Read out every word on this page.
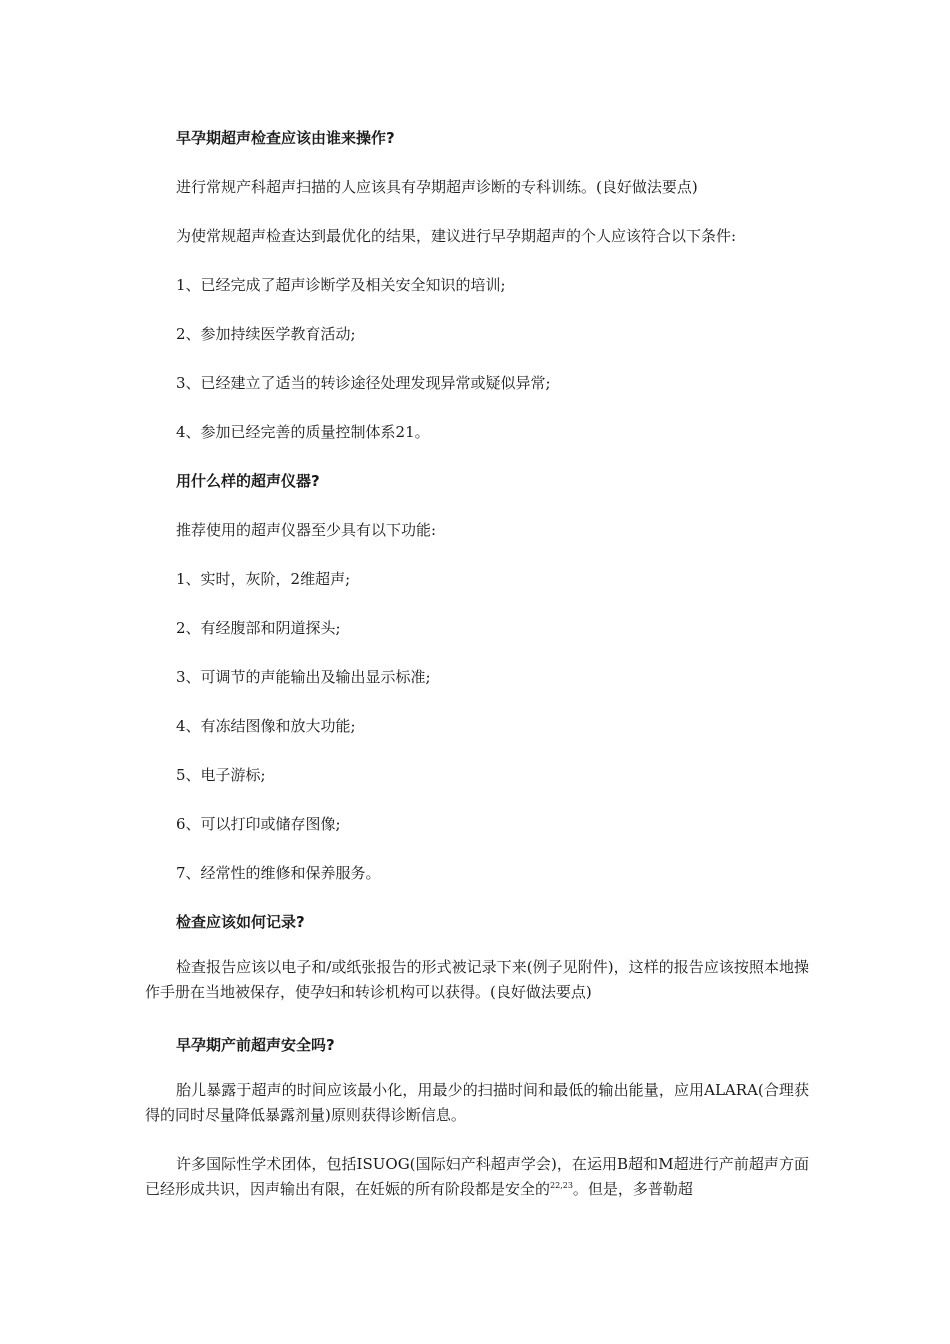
早孕期超声检查应该由谁来操作?
进行常规产科超声扫描的人应该具有孕期超声诊断的专科训练。(良好做法要点)
为使常规超声检查达到最优化的结果，建议进行早孕期超声的个人应该符合以下条件:
1、已经完成了超声诊断学及相关安全知识的培训;
2、参加持续医学教育活动;
3、已经建立了适当的转诊途径处理发现异常或疑似异常;
4、参加已经完善的质量控制体系21。
用什么样的超声仪器?
推荐使用的超声仪器至少具有以下功能:
1、实时，灰阶，2维超声;
2、有经腹部和阴道探头;
3、可调节的声能输出及输出显示标准;
4、有冻结图像和放大功能;
5、电子游标;
6、可以打印或储存图像;
7、经常性的维修和保养服务。
检查应该如何记录?
检查报告应该以电子和/或纸张报告的形式被记录下来(例子见附件)，这样的报告应该按照本地操作手册在当地被保存，使孕妇和转诊机构可以获得。(良好做法要点)
早孕期产前超声安全吗?
胎儿暴露于超声的时间应该最小化，用最少的扫描时间和最低的输出能量，应用ALARA(合理获得的同时尽量降低暴露剂量)原则获得诊断信息。
许多国际性学术团体，包括ISUOG(国际妇产科超声学会)，在运用B超和M超进行产前超声方面已经形成共识，因声输出有限，在妊娠的所有阶段都是安全的$^{22,23}$。但是，多普勒超
